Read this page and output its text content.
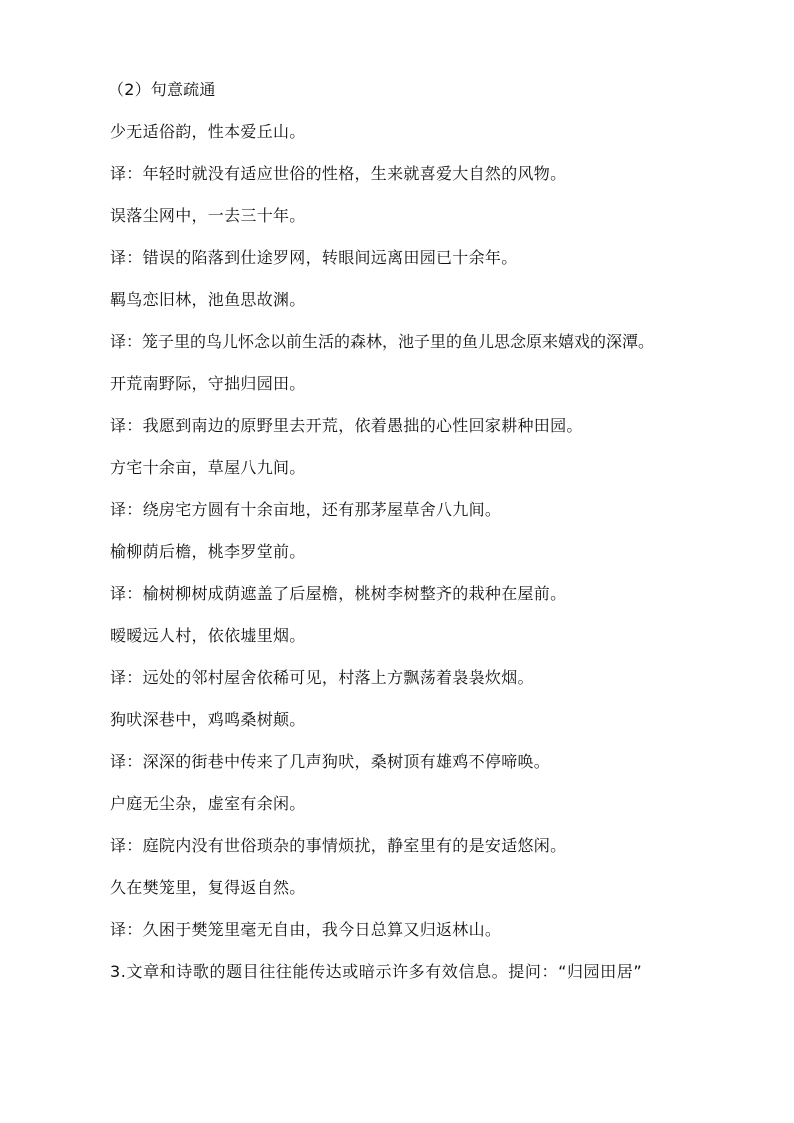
（2）句意疏通
少无适俗韵，性本爱丘山。
译：年轻时就没有适应世俗的性格，生来就喜爱大自然的风物。
误落尘网中，一去三十年。
译：错误的陷落到仕途罗网，转眼间远离田园已十余年。
羁鸟恋旧林，池鱼思故渊。
译：笼子里的鸟儿怀念以前生活的森林，池子里的鱼儿思念原来嬉戏的深潭。
开荒南野际，守拙归园田。
译：我愿到南边的原野里去开荒，依着愚拙的心性回家耕种田园。
方宅十余亩，草屋八九间。
译：绕房宅方圆有十余亩地，还有那茅屋草舍八九间。
榆柳荫后檐，桃李罗堂前。
译：榆树柳树成荫遮盖了后屋檐，桃树李树整齐的栽种在屋前。
暧暧远人村，依依墟里烟。
译：远处的邻村屋舍依稀可见，村落上方飘荡着袅袅炊烟。
狗吠深巷中，鸡鸣桑树颠。
译：深深的街巷中传来了几声狗吠，桑树顶有雄鸡不停啼唤。
户庭无尘杂，虚室有余闲。
译：庭院内没有世俗琐杂的事情烦扰，静室里有的是安适悠闲。
久在樊笼里，复得返自然。
译：久困于樊笼里毫无自由，我今日总算又归返林山。
3.文章和诗歌的题目往往能传达或暗示许多有效信息。提问：“归园田居”
